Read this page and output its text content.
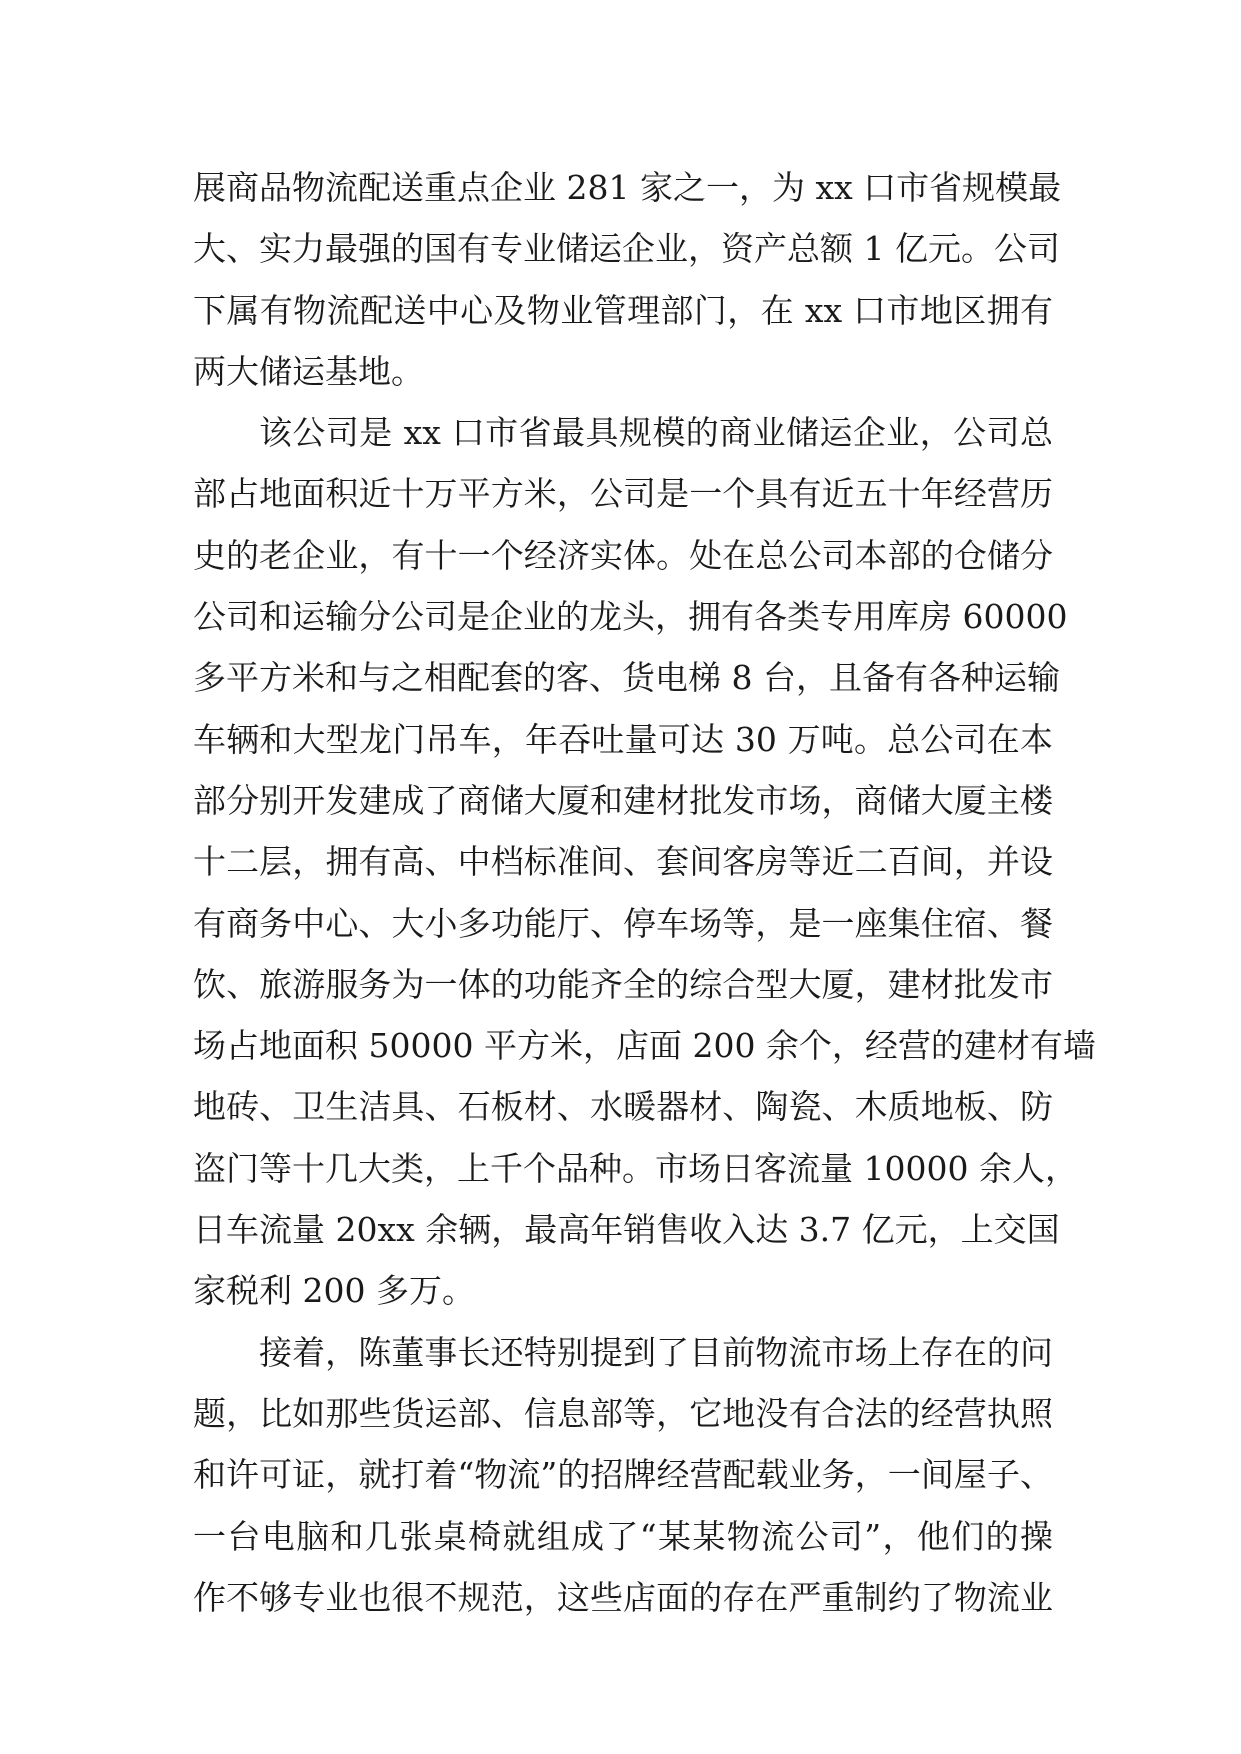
展商品物流配送重点企业 281 家之一，为 xx 口市省规模最
大、实力最强的国有专业储运企业，资产总额 1 亿元。公司
下属有物流配送中心及物业管理部门，在 xx 口市地区拥有
两大储运基地。
该公司是 xx 口市省最具规模的商业储运企业，公司总
部占地面积近十万平方米，公司是一个具有近五十年经营历
史的老企业，有十一个经济实体。处在总公司本部的仓储分
公司和运输分公司是企业的龙头，拥有各类专用库房 60000
多平方米和与之相配套的客、货电梯 8 台，且备有各种运输
车辆和大型龙门吊车，年吞吐量可达 30 万吨。总公司在本
部分别开发建成了商储大厦和建材批发市场，商储大厦主楼
十二层，拥有高、中档标准间、套间客房等近二百间，并设
有商务中心、大小多功能厅、停车场等，是一座集住宿、餐
饮、旅游服务为一体的功能齐全的综合型大厦，建材批发市
场占地面积 50000 平方米，店面 200 余个，经营的建材有墙
地砖、卫生洁具、石板材、水暖器材、陶瓷、木质地板、防
盗门等十几大类，上千个品种。市场日客流量 10000 余人，
日车流量 20xx 余辆，最高年销售收入达 3.7 亿元，上交国
家税利 200 多万。
接着，陈董事长还特别提到了目前物流市场上存在的问
题，比如那些货运部、信息部等，它地没有合法的经营执照
和许可证，就打着“物流”的招牌经营配载业务，一间屋子、
一台电脑和几张桌椅就组成了“某某物流公司”，他们的操
作不够专业也很不规范，这些店面的存在严重制约了物流业
